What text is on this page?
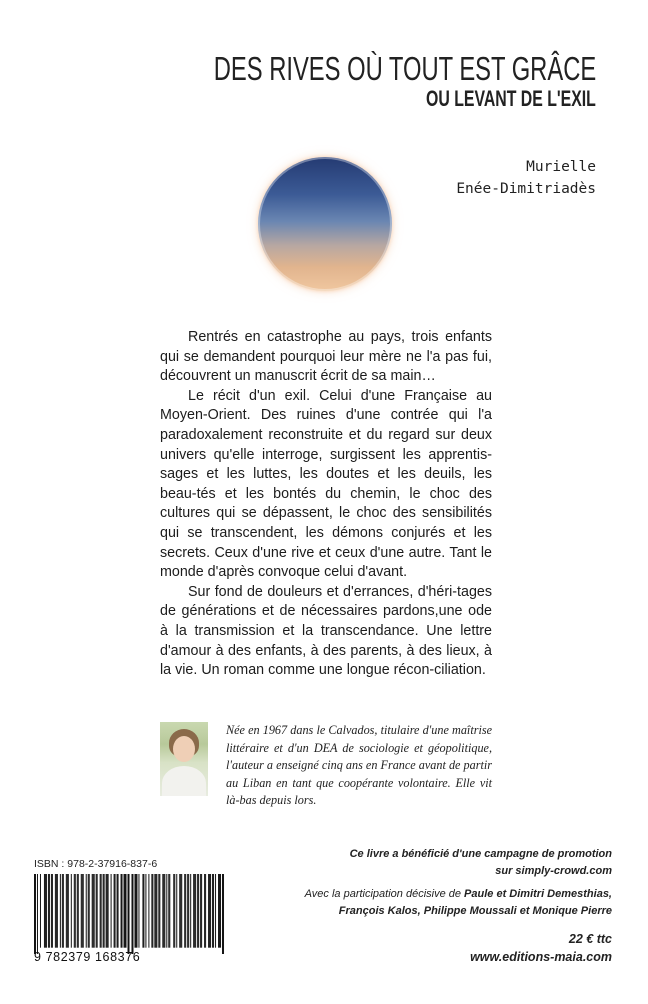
DES RIVES OÙ TOUT EST GRÂCE
OU LEVANT DE L'EXIL
Murielle
Enée-Dimitriadès

Rentrés en catastrophe au pays, trois enfants qui se demandent pourquoi leur mère ne l'a pas fui, découvrent un manuscrit écrit de sa main…

Le récit d'un exil. Celui d'une Française au Moyen-Orient. Des ruines d'une contrée qui l'a paradoxalement reconstruite et du regard sur deux univers qu'elle interroge, surgissent les apprentis-sages et les luttes, les doutes et les deuils, les beau-tés et les bontés du chemin, le choc des cultures qui se dépassent, le choc des sensibilités qui se transcendent, les démons conjurés et les secrets. Ceux d'une rive et ceux d'une autre. Tant le monde d'après convoque celui d'avant.

Sur fond de douleurs et d'errances, d'héri-tages de générations et de nécessaires pardons,une ode à la transmission et la transcendance. Une lettre d'amour à des enfants, à des parents, à des lieux, à la vie. Un roman comme une longue récon-ciliation.

Née en 1967 dans le Calvados, titulaire d'une maîtrise littéraire et d'un DEA de sociologie et géopolitique, l'auteur a enseigné cinq ans en France avant de partir au Liban en tant que coopérante volontaire. Elle vit là-bas depuis lors.
ISBN : 978-2-37916-837-6
9 782379 168376
Ce livre a bénéficié d'une campagne de promotion
sur simply-crowd.com
Avec la participation décisive de Paule et Dimitri Demesthias,
François Kalos, Philippe Moussali et Monique Pierre
22 € ttc
www.editions-maia.com
